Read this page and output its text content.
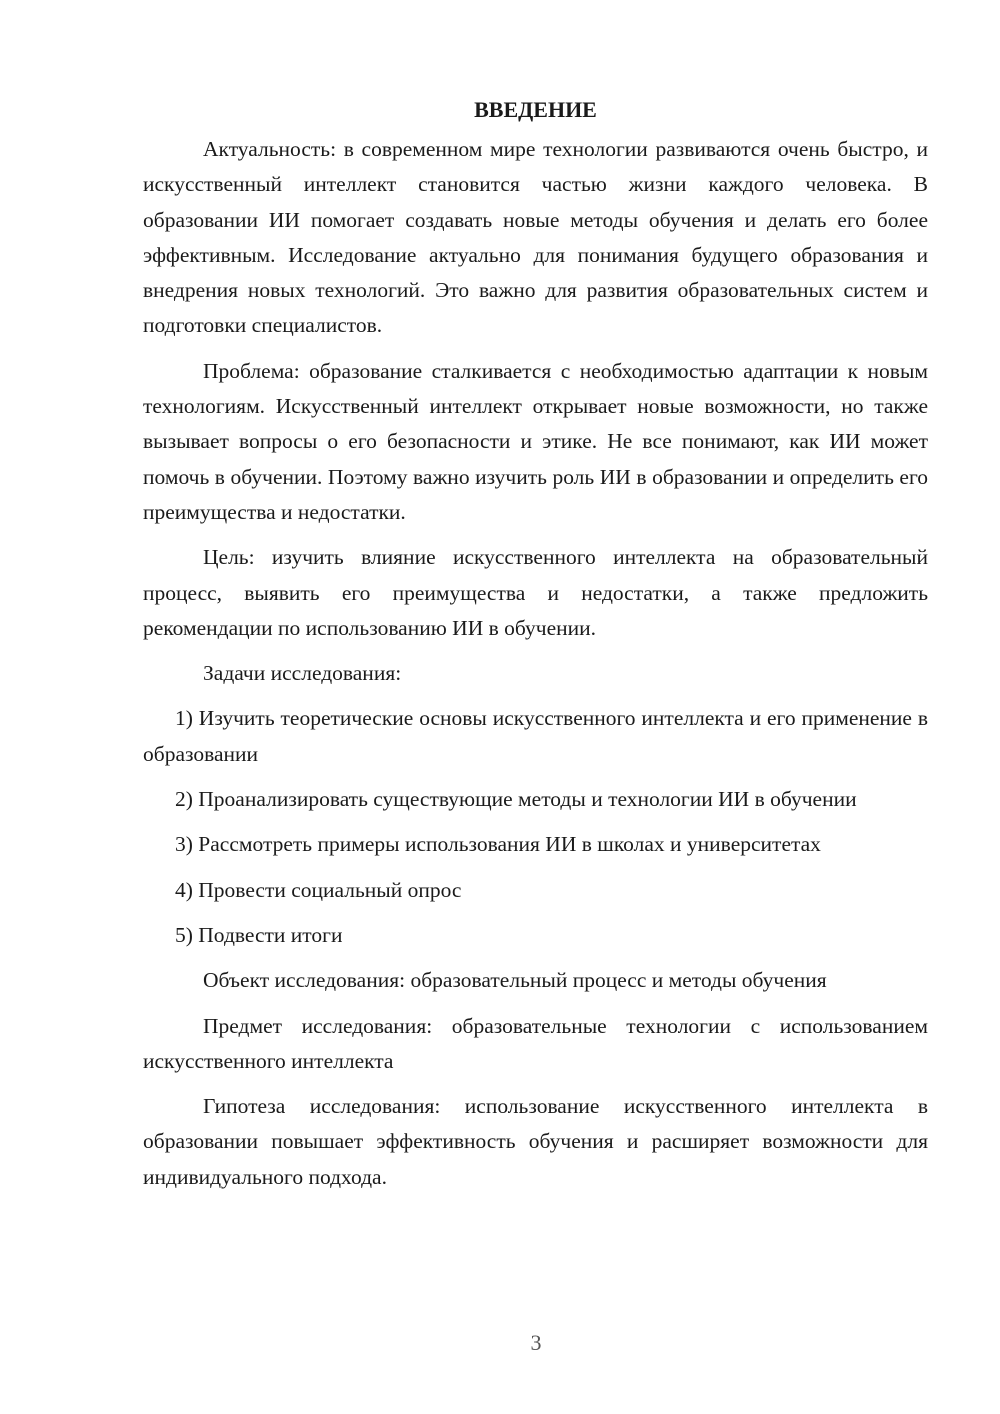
ВВЕДЕНИЕ

Актуальность: в современном мире технологии развиваются очень быстро, и искусственный интеллект становится частью жизни каждого человека. В образовании ИИ помогает создавать новые методы обучения и делать его более эффективным. Исследование актуально для понимания будущего образования и внедрения новых технологий. Это важно для развития образовательных систем и подготовки специалистов.

Проблема: образование сталкивается с необходимостью адаптации к новым технологиям. Искусственный интеллект открывает новые возможности, но также вызывает вопросы о его безопасности и этике. Не все понимают, как ИИ может помочь в обучении. Поэтому важно изучить роль ИИ в образовании и определить его преимущества и недостатки.

Цель: изучить влияние искусственного интеллекта на образовательный процесс, выявить его преимущества и недостатки, а также предложить рекомендации по использованию ИИ в обучении.

Задачи исследования:

1) Изучить теоретические основы искусственного интеллекта и его применение в образовании

2) Проанализировать существующие методы и технологии ИИ в обучении

3) Рассмотреть примеры использования ИИ в школах и университетах

4) Провести социальный опрос

5) Подвести итоги

Объект исследования: образовательный процесс и методы обучения

Предмет исследования: образовательные технологии с использованием искусственного интеллекта

Гипотеза исследования: использование искусственного интеллекта в образовании повышает эффективность обучения и расширяет возможности для индивидуального подхода.

3
